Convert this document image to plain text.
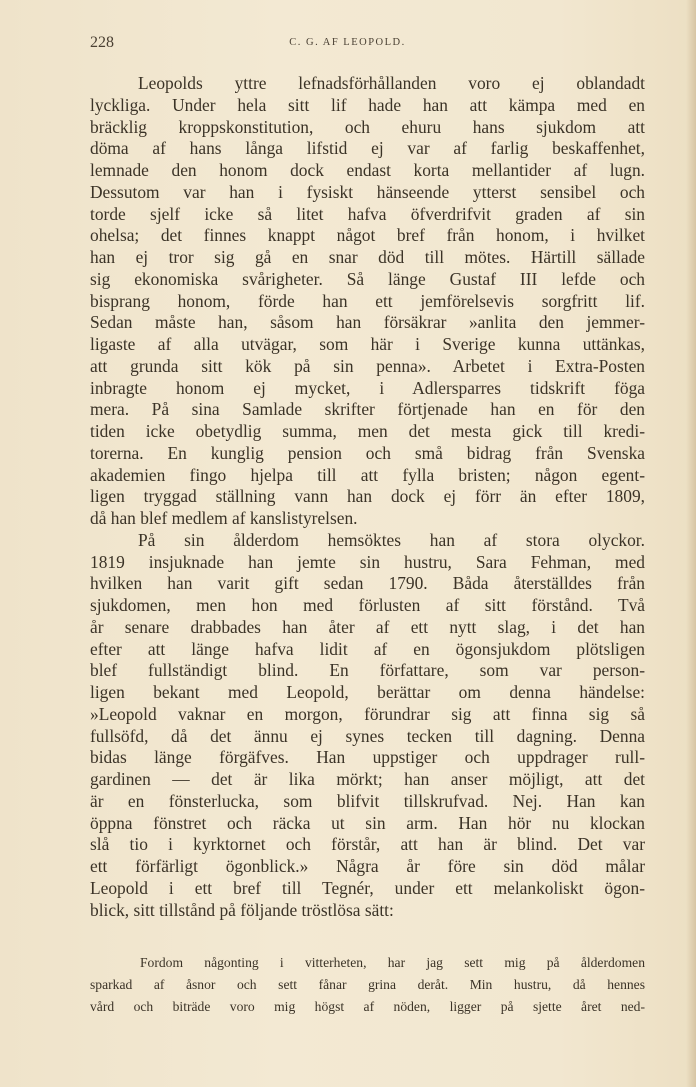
228	C. G. AF LEOPOLD.
Leopolds yttre lefnadsförhållanden voro ej oblandadt
lyckliga. Under hela sitt lif hade han att kämpa med en
bräcklig kroppskonstitution, och ehuru hans sjukdom att
döma af hans långa lifstid ej var af farlig beskaffenhet,
lemnade den honom dock endast korta mellantider af lugn.
Dessutom var han i fysiskt hänseende ytterst sensibel och
torde sjelf icke så litet hafva öfverdrifvit graden af sin
ohelsa; det finnes knappt något bref från honom, i hvilket
han ej tror sig gå en snar död till mötes. Härtill sällade
sig ekonomiska svårigheter. Så länge Gustaf III lefde och
bisprang honom, förde han ett jemförelsevis sorgfritt lif.
Sedan måste han, såsom han försäkrar »anlita den jemmer-
ligaste af alla utvägar, som här i Sverige kunna uttänkas,
att grunda sitt kök på sin penna». Arbetet i Extra-Posten
inbragte honom ej mycket, i Adlersparres tidskrift föga
mera. På sina Samlade skrifter förtjenade han en för den
tiden icke obetydlig summa, men det mesta gick till kredi-
torerna. En kunglig pension och små bidrag från Svenska
akademien fingo hjelpa till att fylla bristen; någon egent-
ligen tryggad ställning vann han dock ej förr än efter 1809,
då han blef medlem af kanslistyrelsen.
På sin ålderdom hemsöktes han af stora olyckor.
1819 insjuknade han jemte sin hustru, Sara Fehman, med
hvilken han varit gift sedan 1790. Båda återställdes från
sjukdomen, men hon med förlusten af sitt förstånd. Två
år senare drabbades han åter af ett nytt slag, i det han
efter att länge hafva lidit af en ögonsjukdom plötsligen
blef fullständigt blind. En författare, som var person-
ligen bekant med Leopold, berättar om denna händelse:
»Leopold vaknar en morgon, förundrar sig att finna sig så
fullsöfd, då det ännu ej synes tecken till dagning. Denna
bidas länge förgäfves. Han uppstiger och uppdrager rull-
gardinen — det är lika mörkt; han anser möjligt, att det
är en fönsterlucka, som blifvit tillskrufvad. Nej. Han kan
öppna fönstret och räcka ut sin arm. Han hör nu klockan
slå tio i kyrktornet och förstår, att han är blind. Det var
ett förfärligt ögonblick.» Några år före sin död målar
Leopold i ett bref till Tegnér, under ett melankoliskt ögon-
blick, sitt tillstånd på följande tröstlösa sätt:
Fordom någonting i vitterheten, har jag sett mig på ålderdomen
sparkad af åsnor och sett fånar grina deråt. Min hustru, då hennes
vård och biträde voro mig högst af nöden, ligger på sjette året ned-
